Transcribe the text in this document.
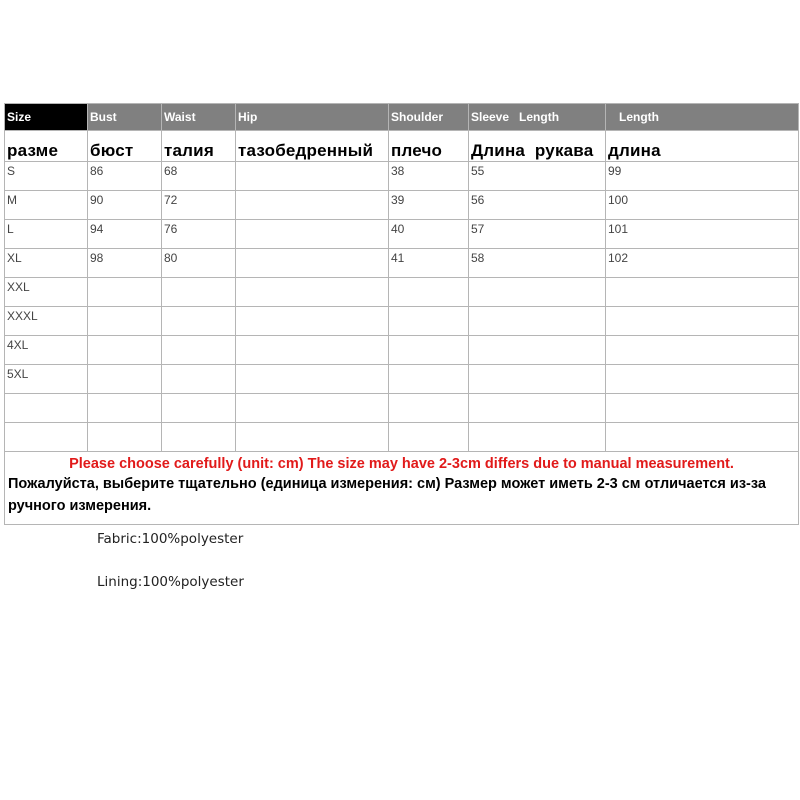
Size	Bust	Waist	Hip	Shoulder	Sleeve   Length	Length
разме	бюст	талия	тазобедренный	плечо	Длина  рукава	длина
S	86	68		38	55	99
M	90	72		39	56	100
L	94	76		40	57	101
XL	98	80		41	58	102
XXL						
XXXL						
4XL						
5XL						

Please choose carefully (unit: cm) The size may have 2-3cm differs due to manual measurement.
Пожалуйста, выберите тщательно (единица измерения: см) Размер может иметь 2-3 см отличается из-за ручного измерения.						
Fabric:100%polyester
Lining:100%polyester
